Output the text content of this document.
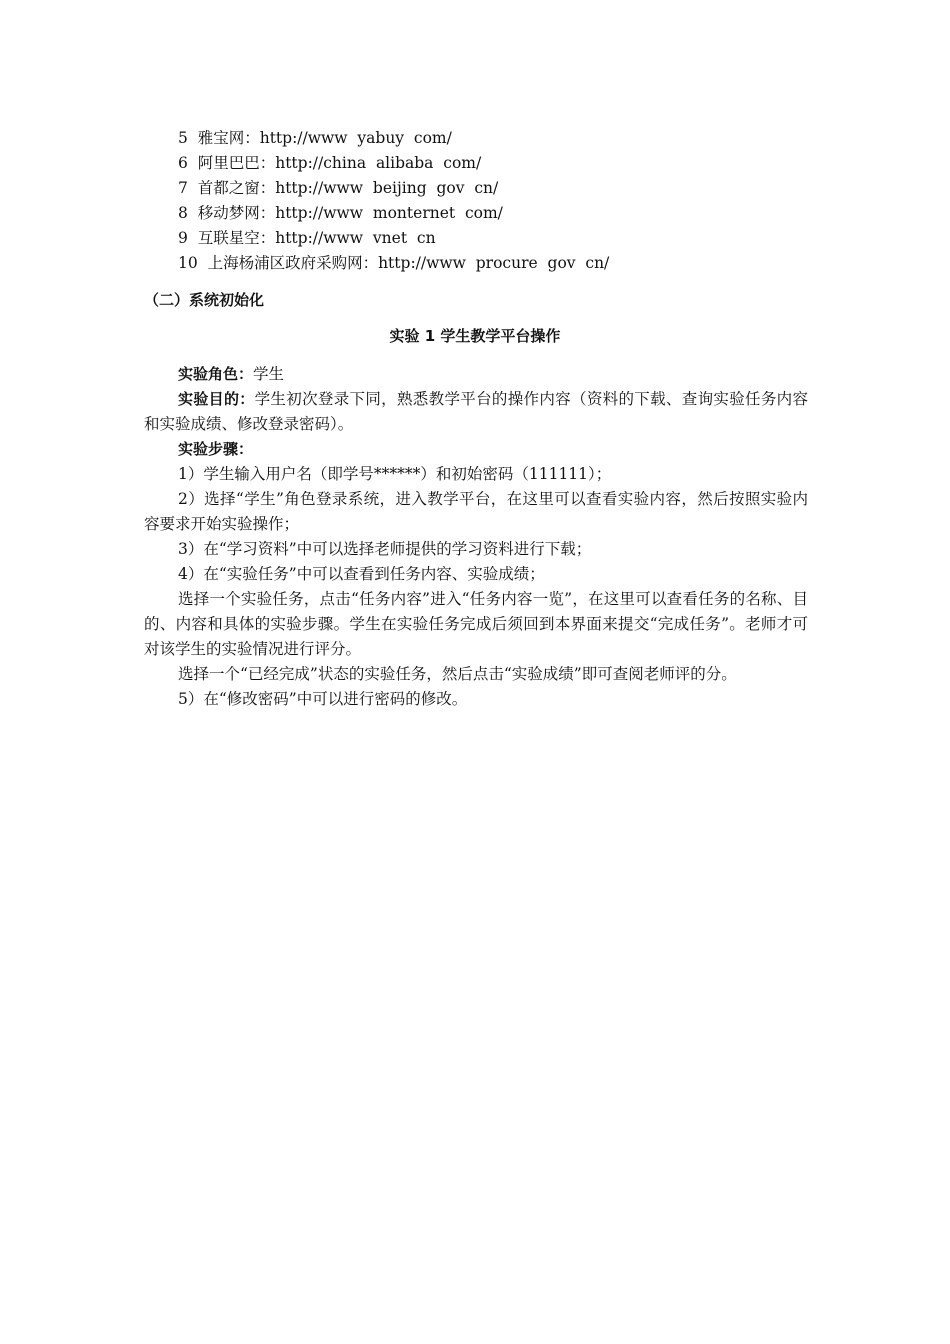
5  雅宝网：http://www  yabuy  com/
6  阿里巴巴：http://china  alibaba  com/
7  首都之窗：http://www  beijing  gov  cn/
8  移动梦网：http://www  monternet  com/
9  互联星空：http://www  vnet  cn
10  上海杨浦区政府采购网：http://www  procure  gov  cn/
（二）系统初始化
实验 1 学生教学平台操作

实验角色：学生

实验目的：学生初次登录下同，熟悉教学平台的操作内容（资料的下载、查询实验任务内容和实验成绩、修改登录密码）。

实验步骤：

1）学生输入用户名（即学号******）和初始密码（111111）；

2）选择“学生”角色登录系统，进入教学平台，在这里可以查看实验内容，然后按照实验内容要求开始实验操作；

3）在“学习资料”中可以选择老师提供的学习资料进行下载；

4）在“实验任务”中可以查看到任务内容、实验成绩；

选择一个实验任务，点击“任务内容”进入“任务内容一览”，在这里可以查看任务的名称、目的、内容和具体的实验步骤。学生在实验任务完成后须回到本界面来提交“完成任务”。老师才可对该学生的实验情况进行评分。

选择一个“已经完成”状态的实验任务，然后点击“实验成绩”即可查阅老师评的分。

5）在“修改密码”中可以进行密码的修改。
